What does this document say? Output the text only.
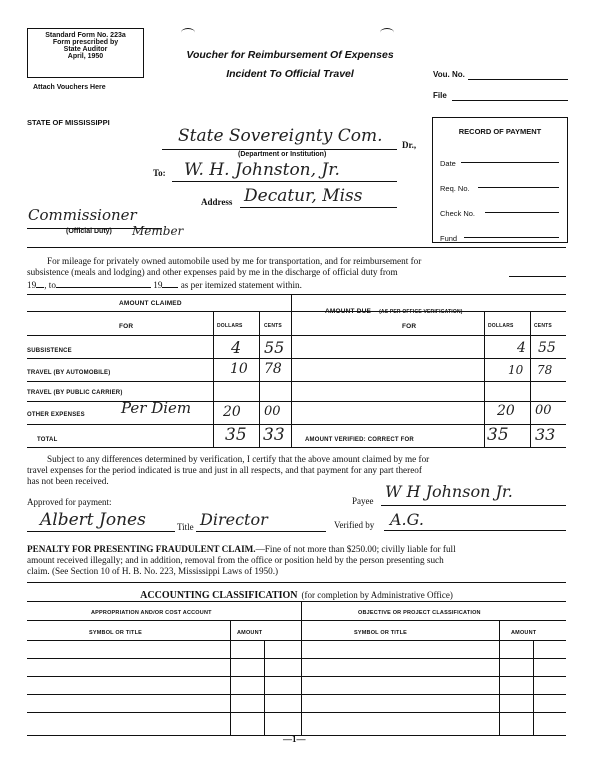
Standard Form No. 223a
Form prescribed by
State Auditor
April, 1950
Attach Vouchers Here
Voucher for Reimbursement Of Expenses
Incident To Official Travel	Vou. No.
File
STATE OF MISSISSIPPI
State Sovereignty Com. Dr.,
(Department or Institution)
To: W. H. Johnston, Jr.
Address Decatur, Miss
Commissioner
(Official Duty) Member
RECORD OF PAYMENT
Date
Req. No.
Check No.
Fund
For mileage for privately owned automobile used by me for transportation, and for reimbursement for
subsistence (meals and lodging) and other expenses paid by me in the discharge of official duty from
19 , to	19 as per itemized statement within.
AMOUNT CLAIMED
AMOUNT DUE (AS PER OFFICE VERIFICATION)
FOR	DOLLARS	CENTS	FOR	DOLLARS	CENTS
SUBSISTENCE	4 55	4 55
TRAVEL (BY AUTOMOBILE)	10 78	10 78
TRAVEL (BY PUBLIC CARRIER)
OTHER EXPENSES Per Diem 20 00	20 00
TOTAL	35 33	AMOUNT VERIFIED: CORRECT FOR	35 33
Subject to any differences determined by verification, I certify that the above amount claimed by me for
travel expenses for the period indicated is true and just in all respects, and that payment for any part thereof
has not been received.
Approved for payment:	Payee W H Johnson Jr.
Albert Jones	Title Director	Verified by A.G.
PENALTY FOR PRESENTING FRAUDULENT CLAIM.—Fine of not more than $250.00; civilly liable for full
amount received illegally; and in addition, removal from the office or position held by the person presenting such
claim. (See Section 10 of H. B. No. 223, Mississippi Laws of 1950.)
ACCOUNTING CLASSIFICATION (for completion by Administrative Office)
APPROPRIATION AND/OR COST ACCOUNT	OBJECTIVE OR PROJECT CLASSIFICATION
SYMBOL OR TITLE	AMOUNT	SYMBOL OR TITLE	AMOUNT
—1—
